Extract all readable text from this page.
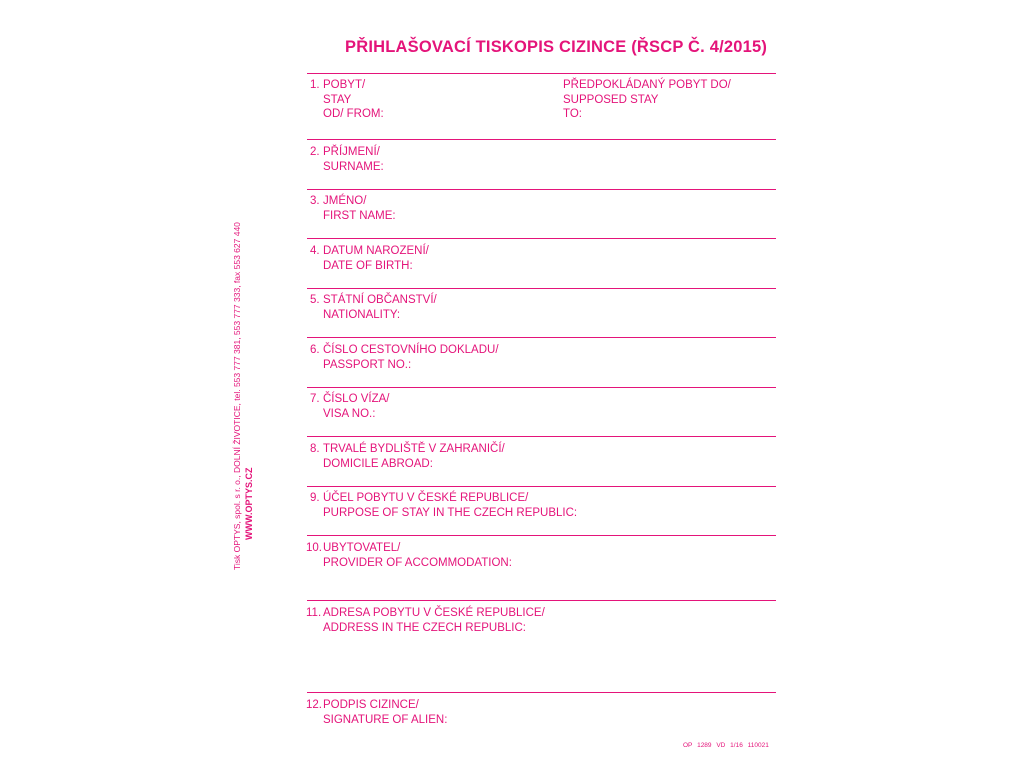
PŘIHLAŠOVACÍ TISKOPIS CIZINCE (ŘSCP Č. 4/2015)
1. POBYT/
STAY
OD/ FROM:
PŘEDPOKLÁDANÝ POBYT DO/
SUPPOSED STAY
TO:
2. PŘÍJMENÍ/
SURNAME:
3. JMÉNO/
FIRST NAME:
4. DATUM NAROZENÍ/
DATE OF BIRTH:
5. STÁTNÍ OBČANSTVÍ/
NATIONALITY:
6. ČÍSLO CESTOVNÍHO DOKLADU/
PASSPORT NO.:
7. ČÍSLO VÍZA/
VISA NO.:
8. TRVALÉ BYDLIŠTĚ V ZAHRANIČÍ/
DOMICILE ABROAD:
9. ÚČEL POBYTU V ČESKÉ REPUBLICE/
PURPOSE OF STAY IN THE CZECH REPUBLIC:
10.UBYTOVATEL/
PROVIDER OF ACCOMMODATION:
11. ADRESA POBYTU V ČESKÉ REPUBLICE/
ADDRESS IN THE CZECH REPUBLIC:
12.PODPIS CIZINCE/
SIGNATURE OF ALIEN:
Tisk OPTYS, spol. s r. o., DOLNÍ ŽIVOTICE, tel. 553 777 381, 553 777 333, fax 553 627 440 WWW.OPTYS.CZ
OP 1289 VD 1/16 110021
